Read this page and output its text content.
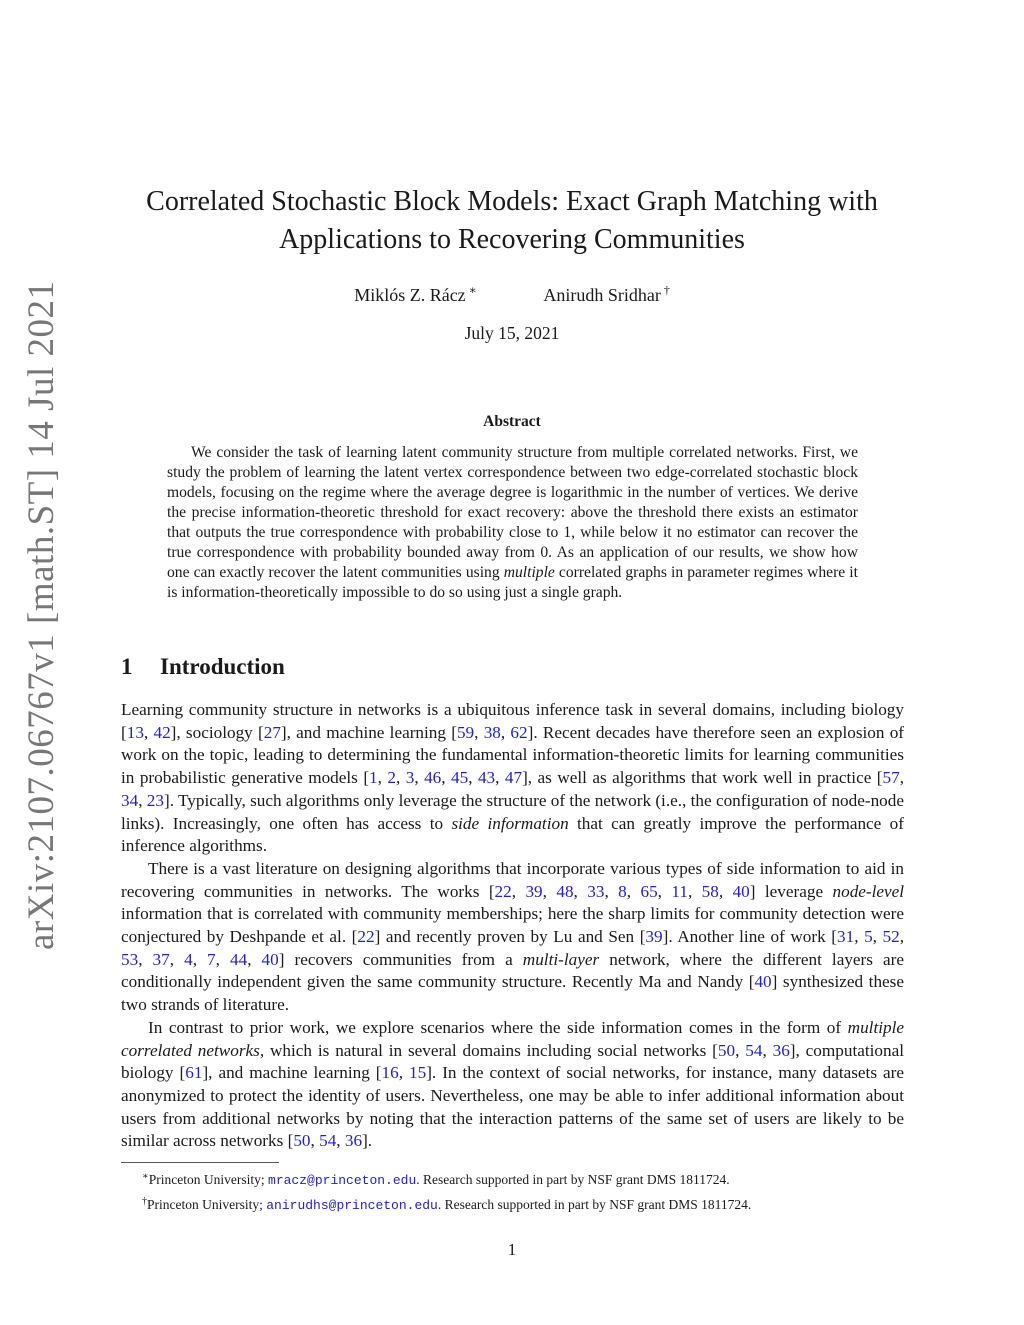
arXiv:2107.06767v1 [math.ST] 14 Jul 2021
Correlated Stochastic Block Models: Exact Graph Matching with Applications to Recovering Communities
Miklós Z. Rácz ∗	Anirudh Sridhar †
July 15, 2021
Abstract

We consider the task of learning latent community structure from multiple correlated networks. First, we study the problem of learning the latent vertex correspondence between two edge-correlated stochastic block models, focusing on the regime where the average degree is logarithmic in the number of vertices. We derive the precise information-theoretic threshold for exact recovery: above the threshold there exists an estimator that outputs the true correspondence with probability close to 1, while below it no estimator can recover the true correspondence with probability bounded away from 0. As an application of our results, we show how one can exactly recover the latent communities using multiple correlated graphs in parameter regimes where it is information-theoretically impossible to do so using just a single graph.

1 Introduction

Learning community structure in networks is a ubiquitous inference task in several domains, including biology [13, 42], sociology [27], and machine learning [59, 38, 62]. Recent decades have therefore seen an explosion of work on the topic, leading to determining the fundamental information-theoretic limits for learning communities in probabilistic generative models [1, 2, 3, 46, 45, 43, 47], as well as algorithms that work well in practice [57, 34, 23]. Typically, such algorithms only leverage the structure of the network (i.e., the configuration of node-node links). Increasingly, one often has access to side information that can greatly improve the performance of inference algorithms.

There is a vast literature on designing algorithms that incorporate various types of side information to aid in recovering communities in networks. The works [22, 39, 48, 33, 8, 65, 11, 58, 40] leverage node-level information that is correlated with community memberships; here the sharp limits for community detection were conjectured by Deshpande et al. [22] and recently proven by Lu and Sen [39]. Another line of work [31, 5, 52, 53, 37, 4, 7, 44, 40] recovers communities from a multi-layer network, where the different layers are conditionally independent given the same community structure. Recently Ma and Nandy [40] synthesized these two strands of literature.

In contrast to prior work, we explore scenarios where the side information comes in the form of multiple correlated networks, which is natural in several domains including social networks [50, 54, 36], computational biology [61], and machine learning [16, 15]. In the context of social networks, for instance, many datasets are anonymized to protect the identity of users. Nevertheless, one may be able to infer additional information about users from additional networks by noting that the interaction patterns of the same set of users are likely to be similar across networks [50, 54, 36].

∗Princeton University; mracz@princeton.edu. Research supported in part by NSF grant DMS 1811724.

†Princeton University; anirudhs@princeton.edu. Research supported in part by NSF grant DMS 1811724.

1
